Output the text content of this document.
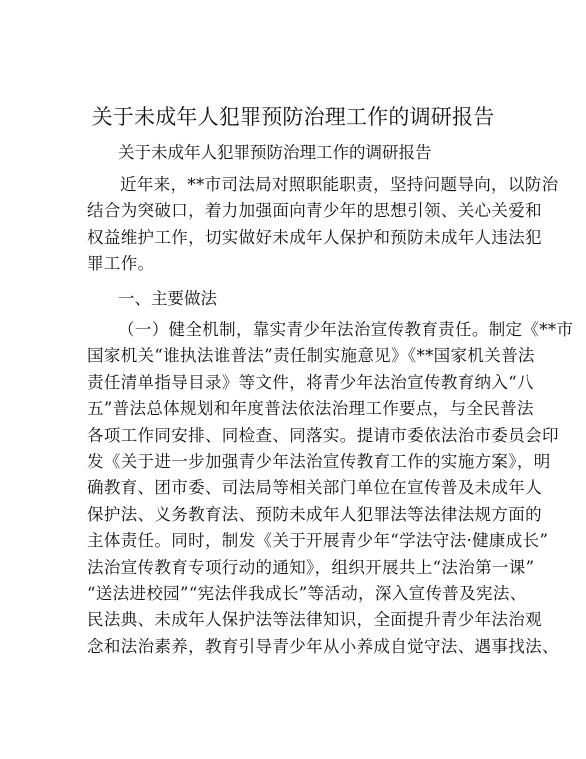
关于未成年人犯罪预防治理工作的调研报告
关于未成年人犯罪预防治理工作的调研报告
近年来，**市司法局对照职能职责，坚持问题导向，以防治
结合为突破口，着力加强面向青少年的思想引领、关心关爱和
权益维护工作，切实做好未成年人保护和预防未成年人违法犯
罪工作。
一、主要做法
（一）健全机制，靠实青少年法治宣传教育责任。制定《**市
国家机关“谁执法谁普法”责任制实施意见》《**国家机关普法
责任清单指导目录》等文件，将青少年法治宣传教育纳入“八
五”普法总体规划和年度普法依法治理工作要点，与全民普法
各项工作同安排、同检查、同落实。提请市委依法治市委员会印
发《关于进一步加强青少年法治宣传教育工作的实施方案》，明
确教育、团市委、司法局等相关部门单位在宣传普及未成年人
保护法、义务教育法、预防未成年人犯罪法等法律法规方面的
主体责任。同时，制发《关于开展青少年“学法守法·健康成长”
法治宣传教育专项行动的通知》，组织开展共上“法治第一课”
“送法进校园”“宪法伴我成长”等活动，深入宣传普及宪法、
民法典、未成年人保护法等法律知识，全面提升青少年法治观
念和法治素养，教育引导青少年从小养成自觉守法、遇事找法、
